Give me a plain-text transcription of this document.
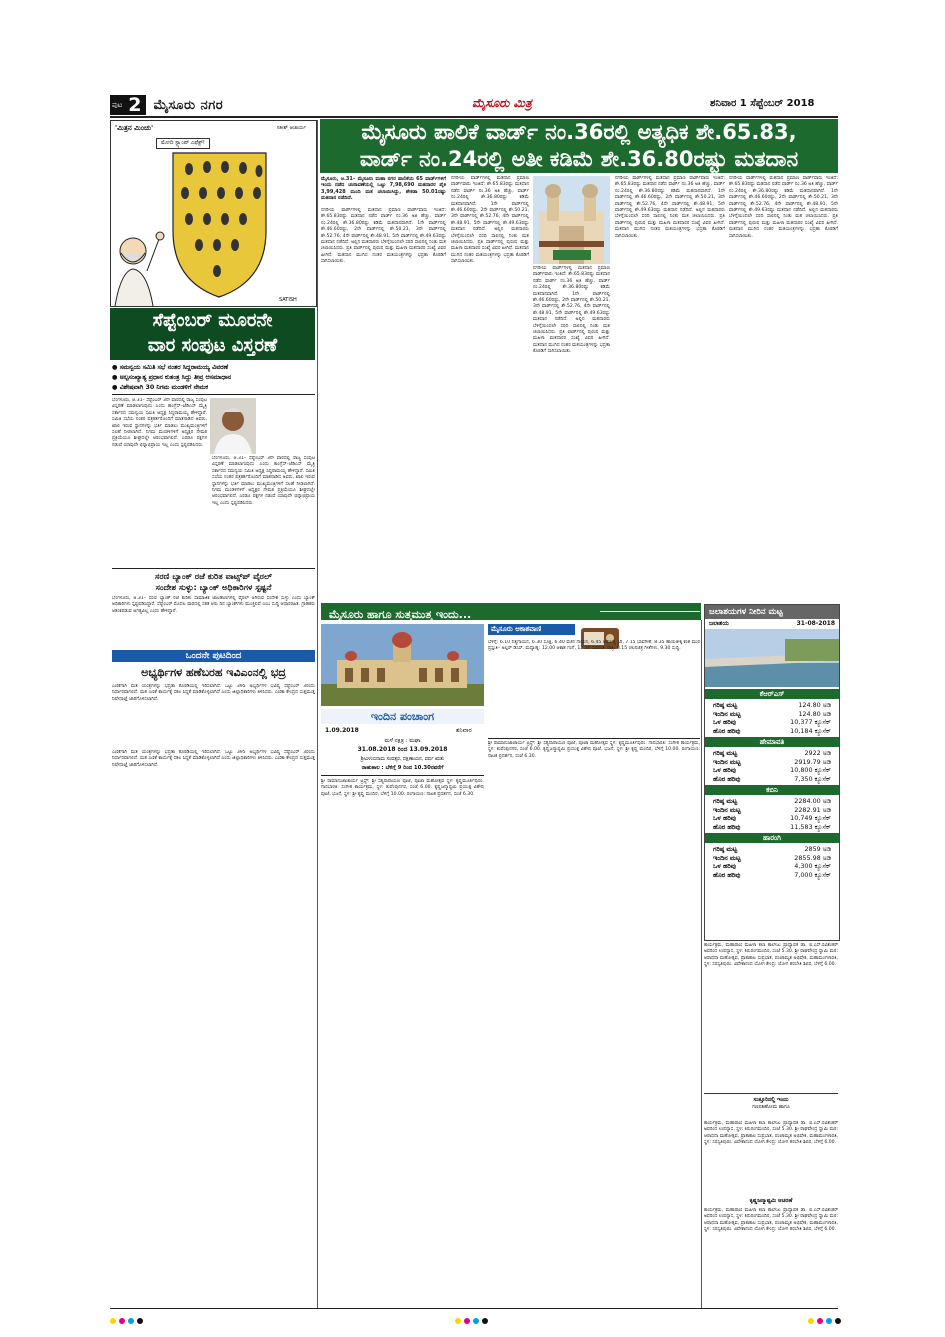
ಪುಟ 2 ಮೈಸೂರು ನಗರ	ಮೈಸೂರು ಮಿತ್ರ	ಶನಿವಾರ 1 ಸೆಪ್ಟೆಂಬರ್ 2018
'ಮಿತ್ರನ ಮಿಂಚು'	ಸತೀಶ್ ಆಚಾರ್ಯ
ಮೋದಿ ಸ್ಟ್ಯಾಂಪ್ ಎಫೆಕ್ಟ್!
SATISH
ಮೈಸೂರು ಪಾಲಿಕೆ ವಾರ್ಡ್ ನಂ.36ರಲ್ಲಿ ಅತ್ಯಧಿಕ ಶೇ.65.83,
ವಾರ್ಡ್ ನಂ.24ರಲ್ಲಿ ಅತೀ ಕಡಿಮೆ ಶೇ.36.80ರಷ್ಟು ಮತದಾನ
ಮೈಸೂರು, ಆ.31– ಮೈಸೂರು ಮಹಾ ನಗರ ಪಾಲಿಕೆಯ 65 ವಾರ್ಡ್‌ಗಳಿಗೆ ಇಂದು ನಡೆದ ಚುನಾವಣೆಯಲ್ಲಿ ಒಟ್ಟು 7,98,690 ಮತದಾರರ ಪೈಕಿ 3,99,428 ಮಂದಿ ಮತ ಚಲಾಯಿಸಿದ್ದು, ಶೇಕಡಾ 50.01ರಷ್ಟು ಮತದಾನ ನಡೆದಿದೆ.
ನಗರೀಯ ವಾರ್ಡ್‌ಗಳಲ್ಲಿ ಮತದಾನ ಪ್ರಮಾಣ ವಾರ್ಡ್‌ವಾರು ಇಂತಿದೆ: ಶೇ.65.83ರಷ್ಟು ಮತದಾನ ನಡೆದ ವಾರ್ಡ್ ನಂ.36 ಅತಿ ಹೆಚ್ಚು, ವಾರ್ಡ್ ನಂ.24ರಲ್ಲಿ ಶೇ.36.80ರಷ್ಟು ಕಡಿಮೆ ಮತದಾನವಾಗಿದೆ. 1ನೇ ವಾರ್ಡ್‌ನಲ್ಲಿ ಶೇ.46.60ರಷ್ಟು, 2ನೇ ವಾರ್ಡ್‌ನಲ್ಲಿ ಶೇ.50.21, 3ನೇ ವಾರ್ಡ್‌ನಲ್ಲಿ ಶೇ.52.76, 4ನೇ ವಾರ್ಡ್‌ನಲ್ಲಿ ಶೇ.48.91, 5ನೇ ವಾರ್ಡ್‌ನಲ್ಲಿ ಶೇ.49.63ರಷ್ಟು ಮತದಾನ ನಡೆದಿದೆ. ಅಲ್ಲಿನ ಮತದಾರರು ಬೆಳಿಗ್ಗೆಯಿಂದಲೇ ಸರದಿ ಸಾಲಿನಲ್ಲಿ ನಿಂತು ಮತ ಚಲಾಯಿಸಿದರು. ಪ್ರತಿ ವಾರ್ಡ್‌ನಲ್ಲಿ ಪುರುಷ ಮತ್ತು ಮಹಿಳಾ ಮತದಾರರ ಸಂಖ್ಯೆ ವಿವರ ಹೀಗಿದೆ. ಮತದಾನ ಮುಗಿದ ನಂತರ ಮತಯಂತ್ರಗಳನ್ನು ಭದ್ರತಾ ಕೊಠಡಿಗೆ ಸಾಗಿಸಲಾಯಿತು.
ನಗರೀಯ ವಾರ್ಡ್‌ಗಳಲ್ಲಿ ಮತದಾನ ಪ್ರಮಾಣ ವಾರ್ಡ್‌ವಾರು ಇಂತಿದೆ: ಶೇ.65.83ರಷ್ಟು ಮತದಾನ ನಡೆದ ವಾರ್ಡ್ ನಂ.36 ಅತಿ ಹೆಚ್ಚು, ವಾರ್ಡ್ ನಂ.24ರಲ್ಲಿ ಶೇ.36.80ರಷ್ಟು ಕಡಿಮೆ ಮತದಾನವಾಗಿದೆ. 1ನೇ ವಾರ್ಡ್‌ನಲ್ಲಿ ಶೇ.46.60ರಷ್ಟು, 2ನೇ ವಾರ್ಡ್‌ನಲ್ಲಿ ಶೇ.50.21, 3ನೇ ವಾರ್ಡ್‌ನಲ್ಲಿ ಶೇ.52.76, 4ನೇ ವಾರ್ಡ್‌ನಲ್ಲಿ ಶೇ.48.91, 5ನೇ ವಾರ್ಡ್‌ನಲ್ಲಿ ಶೇ.49.63ರಷ್ಟು ಮತದಾನ ನಡೆದಿದೆ. ಅಲ್ಲಿನ ಮತದಾರರು ಬೆಳಿಗ್ಗೆಯಿಂದಲೇ ಸರದಿ ಸಾಲಿನಲ್ಲಿ ನಿಂತು ಮತ ಚಲಾಯಿಸಿದರು. ಪ್ರತಿ ವಾರ್ಡ್‌ನಲ್ಲಿ ಪುರುಷ ಮತ್ತು ಮಹಿಳಾ ಮತದಾರರ ಸಂಖ್ಯೆ ವಿವರ ಹೀಗಿದೆ. ಮತದಾನ ಮುಗಿದ ನಂತರ ಮತಯಂತ್ರಗಳನ್ನು ಭದ್ರತಾ ಕೊಠಡಿಗೆ ಸಾಗಿಸಲಾಯಿತು.
ನಗರೀಯ ವಾರ್ಡ್‌ಗಳಲ್ಲಿ ಮತದಾನ ಪ್ರಮಾಣ ವಾರ್ಡ್‌ವಾರು ಇಂತಿದೆ: ಶೇ.65.83ರಷ್ಟು ಮತದಾನ ನಡೆದ ವಾರ್ಡ್ ನಂ.36 ಅತಿ ಹೆಚ್ಚು, ವಾರ್ಡ್ ನಂ.24ರಲ್ಲಿ ಶೇ.36.80ರಷ್ಟು ಕಡಿಮೆ ಮತದಾನವಾಗಿದೆ. 1ನೇ ವಾರ್ಡ್‌ನಲ್ಲಿ ಶೇ.46.60ರಷ್ಟು, 2ನೇ ವಾರ್ಡ್‌ನಲ್ಲಿ ಶೇ.50.21, 3ನೇ ವಾರ್ಡ್‌ನಲ್ಲಿ ಶೇ.52.76, 4ನೇ ವಾರ್ಡ್‌ನಲ್ಲಿ ಶೇ.48.91, 5ನೇ ವಾರ್ಡ್‌ನಲ್ಲಿ ಶೇ.49.63ರಷ್ಟು ಮತದಾನ ನಡೆದಿದೆ. ಅಲ್ಲಿನ ಮತದಾರರು ಬೆಳಿಗ್ಗೆಯಿಂದಲೇ ಸರದಿ ಸಾಲಿನಲ್ಲಿ ನಿಂತು ಮತ ಚಲಾಯಿಸಿದರು. ಪ್ರತಿ ವಾರ್ಡ್‌ನಲ್ಲಿ ಪುರುಷ ಮತ್ತು ಮಹಿಳಾ ಮತದಾರರ ಸಂಖ್ಯೆ ವಿವರ ಹೀಗಿದೆ. ಮತದಾನ ಮುಗಿದ ನಂತರ ಮತಯಂತ್ರಗಳನ್ನು ಭದ್ರತಾ ಕೊಠಡಿಗೆ ಸಾಗಿಸಲಾಯಿತು.
ನಗರೀಯ ವಾರ್ಡ್‌ಗಳಲ್ಲಿ ಮತದಾನ ಪ್ರಮಾಣ ವಾರ್ಡ್‌ವಾರು ಇಂತಿದೆ: ಶೇ.65.83ರಷ್ಟು ಮತದಾನ ನಡೆದ ವಾರ್ಡ್ ನಂ.36 ಅತಿ ಹೆಚ್ಚು, ವಾರ್ಡ್ ನಂ.24ರಲ್ಲಿ ಶೇ.36.80ರಷ್ಟು ಕಡಿಮೆ ಮತದಾನವಾಗಿದೆ. 1ನೇ ವಾರ್ಡ್‌ನಲ್ಲಿ ಶೇ.46.60ರಷ್ಟು, 2ನೇ ವಾರ್ಡ್‌ನಲ್ಲಿ ಶೇ.50.21, 3ನೇ ವಾರ್ಡ್‌ನಲ್ಲಿ ಶೇ.52.76, 4ನೇ ವಾರ್ಡ್‌ನಲ್ಲಿ ಶೇ.48.91, 5ನೇ ವಾರ್ಡ್‌ನಲ್ಲಿ ಶೇ.49.63ರಷ್ಟು ಮತದಾನ ನಡೆದಿದೆ. ಅಲ್ಲಿನ ಮತದಾರರು ಬೆಳಿಗ್ಗೆಯಿಂದಲೇ ಸರದಿ ಸಾಲಿನಲ್ಲಿ ನಿಂತು ಮತ ಚಲಾಯಿಸಿದರು. ಪ್ರತಿ ವಾರ್ಡ್‌ನಲ್ಲಿ ಪುರುಷ ಮತ್ತು ಮಹಿಳಾ ಮತದಾರರ ಸಂಖ್ಯೆ ವಿವರ ಹೀಗಿದೆ. ಮತದಾನ ಮುಗಿದ ನಂತರ ಮತಯಂತ್ರಗಳನ್ನು ಭದ್ರತಾ ಕೊಠಡಿಗೆ ಸಾಗಿಸಲಾಯಿತು.
ನಗರೀಯ ವಾರ್ಡ್‌ಗಳಲ್ಲಿ ಮತದಾನ ಪ್ರಮಾಣ ವಾರ್ಡ್‌ವಾರು ಇಂತಿದೆ: ಶೇ.65.83ರಷ್ಟು ಮತದಾನ ನಡೆದ ವಾರ್ಡ್ ನಂ.36 ಅತಿ ಹೆಚ್ಚು, ವಾರ್ಡ್ ನಂ.24ರಲ್ಲಿ ಶೇ.36.80ರಷ್ಟು ಕಡಿಮೆ ಮತದಾನವಾಗಿದೆ. 1ನೇ ವಾರ್ಡ್‌ನಲ್ಲಿ ಶೇ.46.60ರಷ್ಟು, 2ನೇ ವಾರ್ಡ್‌ನಲ್ಲಿ ಶೇ.50.21, 3ನೇ ವಾರ್ಡ್‌ನಲ್ಲಿ ಶೇ.52.76, 4ನೇ ವಾರ್ಡ್‌ನಲ್ಲಿ ಶೇ.48.91, 5ನೇ ವಾರ್ಡ್‌ನಲ್ಲಿ ಶೇ.49.63ರಷ್ಟು ಮತದಾನ ನಡೆದಿದೆ. ಅಲ್ಲಿನ ಮತದಾರರು ಬೆಳಿಗ್ಗೆಯಿಂದಲೇ ಸರದಿ ಸಾಲಿನಲ್ಲಿ ನಿಂತು ಮತ ಚಲಾಯಿಸಿದರು. ಪ್ರತಿ ವಾರ್ಡ್‌ನಲ್ಲಿ ಪುರುಷ ಮತ್ತು ಮಹಿಳಾ ಮತದಾರರ ಸಂಖ್ಯೆ ವಿವರ ಹೀಗಿದೆ. ಮತದಾನ ಮುಗಿದ ನಂತರ ಮತಯಂತ್ರಗಳನ್ನು ಭದ್ರತಾ ಕೊಠಡಿಗೆ ಸಾಗಿಸಲಾಯಿತು.
ಸೆಪ್ಟೆಂಬರ್ ಮೂರನೇ
ವಾರ ಸಂಪುಟ ವಿಸ್ತರಣೆ
● ಸಮನ್ವಯ ಸಮಿತಿ ಸಭೆ ನಂತರ ಸಿದ್ದರಾಮಯ್ಯ ವಿವರಣೆ
● ಅಲ್ಪಸಂಖ್ಯಾತ್ಯ ಪ್ರಧಾನ ಕುತಂತ್ರ ಸಿದ್ದು ತೀವ್ರ ಆಸಮಾಧಾನ
● ವಿಶೇಷವಾಗಿ 30 ನಿಗಮ ಮಂಡಳಿಗೆ ನೇಮಕ
ಬೆಂಗಳೂರು, ಆ.31– ಸೆಪ್ಟೆಂಬರ್ 3ನೇ ವಾರದಲ್ಲಿ ರಾಜ್ಯ ಸಂಪುಟ ವಿಸ್ತರಣೆ ಮಾಡಲಾಗುವುದು ಎಂದು ಕಾಂಗ್ರೆಸ್–ಜೆಡಿಎಸ್ ಮೈತ್ರಿ ಸರ್ಕಾರದ ಸಮನ್ವಯ ಸಮಿತಿ ಅಧ್ಯಕ್ಷ ಸಿದ್ದರಾಮಯ್ಯ ಹೇಳಿದ್ದಾರೆ. ಸಮಿತಿ ಸಭೆಯ ನಂತರ ಪತ್ರಕರ್ತರೊಂದಿಗೆ ಮಾತನಾಡಿದ ಅವರು, ಖಾಲಿ ಇರುವ ಸ್ಥಾನಗಳನ್ನು ಭರ್ತಿ ಮಾಡಲು ಮುಖ್ಯಮಂತ್ರಿಗಳಿಗೆ ಸಲಹೆ ನೀಡಲಾಗಿದೆ. ನಿಗಮ ಮಂಡಳಿಗಳಿಗೆ ಅಧ್ಯಕ್ಷರ ನೇಮಕ ಪ್ರಕ್ರಿಯೆಯೂ ಶೀಘ್ರದಲ್ಲೇ ಆರಂಭವಾಗಲಿದೆ. ಎರಡೂ ಪಕ್ಷಗಳ ನಡುವೆ ಯಾವುದೇ ಭಿನ್ನಾಭಿಪ್ರಾಯ ಇಲ್ಲ ಎಂದು ಸ್ಪಷ್ಟಪಡಿಸಿದರು.
ಬೆಂಗಳೂರು, ಆ.31– ಸೆಪ್ಟೆಂಬರ್ 3ನೇ ವಾರದಲ್ಲಿ ರಾಜ್ಯ ಸಂಪುಟ ವಿಸ್ತರಣೆ ಮಾಡಲಾಗುವುದು ಎಂದು ಕಾಂಗ್ರೆಸ್–ಜೆಡಿಎಸ್ ಮೈತ್ರಿ ಸರ್ಕಾರದ ಸಮನ್ವಯ ಸಮಿತಿ ಅಧ್ಯಕ್ಷ ಸಿದ್ದರಾಮಯ್ಯ ಹೇಳಿದ್ದಾರೆ. ಸಮಿತಿ ಸಭೆಯ ನಂತರ ಪತ್ರಕರ್ತರೊಂದಿಗೆ ಮಾತನಾಡಿದ ಅವರು, ಖಾಲಿ ಇರುವ ಸ್ಥಾನಗಳನ್ನು ಭರ್ತಿ ಮಾಡಲು ಮುಖ್ಯಮಂತ್ರಿಗಳಿಗೆ ಸಲಹೆ ನೀಡಲಾಗಿದೆ. ನಿಗಮ ಮಂಡಳಿಗಳಿಗೆ ಅಧ್ಯಕ್ಷರ ನೇಮಕ ಪ್ರಕ್ರಿಯೆಯೂ ಶೀಘ್ರದಲ್ಲೇ ಆರಂಭವಾಗಲಿದೆ. ಎರಡೂ ಪಕ್ಷಗಳ ನಡುವೆ ಯಾವುದೇ ಭಿನ್ನಾಭಿಪ್ರಾಯ ಇಲ್ಲ ಎಂದು ಸ್ಪಷ್ಟಪಡಿಸಿದರು.
ಸರಣಿ ಬ್ಯಾಂಕ್ ರಜೆ ಕುರಿತ ವಾಟ್ಸ್‌ಪ್ ವೈರಲ್
ಸಂದೇಶ ಸುಳ್ಳು: ಬ್ಯಾಂಕ್ ಅಧಿಕಾರಿಗಳ ಸ್ಪಷ್ಟನೆ
ಬೆಂಗಳೂರು, ಆ.31– ಸರಣಿ ಬ್ಯಾಂಕ್ ರಜೆ ಕುರಿತು ಸಾಮಾಜಿಕ ಜಾಲತಾಣಗಳಲ್ಲಿ ವೈರಲ್ ಆಗಿರುವ ಸಂದೇಶ ಸುಳ್ಳು ಎಂದು ಬ್ಯಾಂಕ್ ಅಧಿಕಾರಿಗಳು ಸ್ಪಷ್ಟಪಡಿಸಿದ್ದಾರೆ. ಸೆಪ್ಟೆಂಬರ್ ಮೊದಲ ವಾರದಲ್ಲಿ ಸತತ ಆರು ದಿನ ಬ್ಯಾಂಕ್‌ಗಳು ಮುಚ್ಚಲಿವೆ ಎಂಬ ಸುದ್ದಿ ಆಧಾರರಹಿತ. ಗ್ರಾಹಕರು ಆತಂಕಪಡುವ ಅಗತ್ಯವಿಲ್ಲ ಎಂದು ಹೇಳಿದ್ದಾರೆ.
ಒಂದನೇ ಪುಟದಿಂದ
ಅಭ್ಯರ್ಥಿಗಳ ಹಣೆಬರಹ ಇವಿಎಂನಲ್ಲಿ ಭದ್ರ
ಎಣಿಕೆಗಾಗಿ ಮತ ಯಂತ್ರಗಳನ್ನು ಭದ್ರತಾ ಕೊಠಡಿಯಲ್ಲಿ ಇರಿಸಲಾಗಿದೆ. ಒಟ್ಟು 395 ಅಭ್ಯರ್ಥಿಗಳ ಭವಿಷ್ಯ ಸೆಪ್ಟೆಂಬರ್ 3ರಂದು ನಿರ್ಧಾರವಾಗಲಿದೆ. ಮತ ಎಣಿಕೆ ಕಾರ್ಯಕ್ಕೆ ಸಕಲ ಸಿದ್ಧತೆ ಮಾಡಿಕೊಳ್ಳಲಾಗಿದೆ ಎಂದು ಜಿಲ್ಲಾಧಿಕಾರಿಗಳು ತಿಳಿಸಿದರು. ಎಣಿಕಾ ಕೇಂದ್ರದ ಸುತ್ತಮುತ್ತ ನಿಷೇಧಾಜ್ಞೆ ಜಾರಿಗೊಳಿಸಲಾಗಿದೆ.
ಎಣಿಕೆಗಾಗಿ ಮತ ಯಂತ್ರಗಳನ್ನು ಭದ್ರತಾ ಕೊಠಡಿಯಲ್ಲಿ ಇರಿಸಲಾಗಿದೆ. ಒಟ್ಟು 395 ಅಭ್ಯರ್ಥಿಗಳ ಭವಿಷ್ಯ ಸೆಪ್ಟೆಂಬರ್ 3ರಂದು ನಿರ್ಧಾರವಾಗಲಿದೆ. ಮತ ಎಣಿಕೆ ಕಾರ್ಯಕ್ಕೆ ಸಕಲ ಸಿದ್ಧತೆ ಮಾಡಿಕೊಳ್ಳಲಾಗಿದೆ ಎಂದು ಜಿಲ್ಲಾಧಿಕಾರಿಗಳು ತಿಳಿಸಿದರು. ಎಣಿಕಾ ಕೇಂದ್ರದ ಸುತ್ತಮುತ್ತ ನಿಷೇಧಾಜ್ಞೆ ಜಾರಿಗೊಳಿಸಲಾಗಿದೆ.
ಮೈಸೂರು ಹಾಗೂ ಸುತ್ತಮುತ್ತ ಇಂದು...
ಇಂದಿನ ಪಂಚಾಂಗ
1.09.2018	ಶನಿವಾರ
ಮಳೆ ನಕ್ಷತ್ರ : ಮಘಾ
31.08.2018 ರಿಂದ 13.09.2018
ಶ್ರೀವಿಳಂಬಿನಾಮ ಸಂವತ್ಸರ, ದಕ್ಷಿಣಾಯನ, ವರ್ಷ ಋತು
ರಾಹುಕಾಲ : ಬೆಳಿಗ್ಗೆ 9 ರಿಂದ 10.30ರವರೆಗೆ
ಶ್ರೀ ರಾಮಾನುಜಾಚಾರ್ಯ ಟ್ರಸ್ಟ್: ಶ್ರೀ ಸತ್ಯನಾರಾಯಣ ಪೂಜೆ, ಪೂಜಾ ಮಹೋತ್ಸವ ಸ್ಥಳ: ಕೃಷ್ಣಮೂರ್ತಿಪುರಂ. ಗಾನಭಾರತಿ: ಸಂಗೀತ ಕಾರ್ಯಕ್ರಮ, ಸ್ಥಳ: ಕುವೆಂಪುನಗರ, ಸಂಜೆ 6.00. ಕೃಷ್ಣಜನ್ಮಾಷ್ಟಮಿ ಪ್ರಯುಕ್ತ ವಿಶೇಷ ಪೂಜೆ, ಭಜನೆ, ಸ್ಥಳ: ಶ್ರೀ ಕೃಷ್ಣ ಮಂದಿರ, ಬೆಳಿಗ್ಗೆ 10.00. ರಂಗಾಯಣ: ನಾಟಕ ಪ್ರದರ್ಶನ, ಸಂಜೆ 6.30.
ಮೈಸೂರು ಆಕಾಶವಾಣಿ
ಬೆಳಿಗ್ಗೆ: 6.10 ನಿತ್ಯಗಾಯನ, 6.30 ಸೂಕ್ತಿ, 6.40 ವಚನ ಗಾಯನ, 6.45 ಆರೋಗ್ಯ ಸಿರಿ, 7.15 ಭಾವಗೀತೆ, 8.35 ಹಾಯಿತೀಕ್ಕ ಕಂತ ಮುರ ಪ್ರಸ್ತುತಿ– ಅಲ್ಪರ್ ಡಿಸಿಸ್. ಮಧ್ಯಾಹ್ನ: 12.00 ಆಕಾಶ ಗಂಗೆ, 12.30 ಸವಿನುಡಿ. ರಾತ್ರಿ: 8.15 ಚಲನಚಿತ್ರ ಗೀತೆಗಳು, 9.30 ಸುದ್ದಿ.
ಶ್ರೀ ರಾಮಾನುಜಾಚಾರ್ಯ ಟ್ರಸ್ಟ್: ಶ್ರೀ ಸತ್ಯನಾರಾಯಣ ಪೂಜೆ, ಪೂಜಾ ಮಹೋತ್ಸವ ಸ್ಥಳ: ಕೃಷ್ಣಮೂರ್ತಿಪುರಂ. ಗಾನಭಾರತಿ: ಸಂಗೀತ ಕಾರ್ಯಕ್ರಮ, ಸ್ಥಳ: ಕುವೆಂಪುನಗರ, ಸಂಜೆ 6.00. ಕೃಷ್ಣಜನ್ಮಾಷ್ಟಮಿ ಪ್ರಯುಕ್ತ ವಿಶೇಷ ಪೂಜೆ, ಭಜನೆ, ಸ್ಥಳ: ಶ್ರೀ ಕೃಷ್ಣ ಮಂದಿರ, ಬೆಳಿಗ್ಗೆ 10.00. ರಂಗಾಯಣ: ನಾಟಕ ಪ್ರದರ್ಶನ, ಸಂಜೆ 6.30.
ಜಲಾಶಯಗಳ ನೀರಿನ ಮಟ್ಟ
ಜಲಾಶಯ	31-08-2018
ಕೆಆರ್‌ಎಸ್
ಗರಿಷ್ಠ ಮಟ್ಟ	124.80 ಅಡಿ
ಇಂದಿನ ಮಟ್ಟ	124.80 ಅಡಿ
ಒಳ ಹರಿವು	10,377 ಕ್ಯೂಸೆಕ್
ಹೊರ ಹರಿವು	10,184 ಕ್ಯೂಸೆಕ್
ಹೇಮಾವತಿ
ಗರಿಷ್ಠ ಮಟ್ಟ	2922 ಅಡಿ
ಇಂದಿನ ಮಟ್ಟ	2919.79 ಅಡಿ
ಒಳ ಹರಿವು	10,800 ಕ್ಯೂಸೆಕ್
ಹೊರ ಹರಿವು	7,350 ಕ್ಯೂಸೆಕ್
ಕಬಿನಿ
ಗರಿಷ್ಠ ಮಟ್ಟ	2284.00 ಅಡಿ
ಇಂದಿನ ಮಟ್ಟ	2282.91 ಅಡಿ
ಒಳ ಹರಿವು	10,749 ಕ್ಯೂಸೆಕ್
ಹೊರ ಹರಿವು	11,583 ಕ್ಯೂಸೆಕ್
ಹಾರಂಗಿ
ಗರಿಷ್ಠ ಮಟ್ಟ	2859 ಅಡಿ
ಇಂದಿನ ಮಟ್ಟ	2855.98 ಅಡಿ
ಒಳ ಹರಿವು	4,300 ಕ್ಯೂಸೆಕ್
ಹೊರ ಹರಿವು	7,000 ಕ್ಯೂಸೆಕ್
ಕಾರ್ಯಕ್ರಮ, ಮಹಾರಾಣಿ ಮಹಿಳಾ ಕಲಾ ಕಾಲೇಜು ಪ್ರಾಧ್ಯಾಪಕ ಡಾ. ಬಿ.ಎಸ್.ರವಿಶಂಕರ್ ಅವರಿಂದ ಉಪನ್ಯಾಸ, ಸ್ಥಳ: ಕಿರುರಂಗಮಂದಿರ, ಸಂಜೆ 5.30. ಶ್ರೀ ರಾಘವೇಂದ್ರ ಸ್ವಾಮಿ ಮಠ: ಆರಾಧನಾ ಮಹೋತ್ಸವ, ಪ್ರಾತಃಕಾಲ ಸುಪ್ರಭಾತ, ಪಂಚಾಮೃತ ಅಭಿಷೇಕ, ಮಹಾಮಂಗಳಾರತಿ, ಸ್ಥಳ: ಸರಸ್ವತಿಪುರಂ. ವಿವೇಕಾನಂದ ಯೋಗ ಕೇಂದ್ರ: ಯೋಗ ತರಬೇತಿ ಶಿಬಿರ, ಬೆಳಿಗ್ಗೆ 6.00.
ಸುತ್ತೂರಿನಲ್ಲಿ ಇಂದು
ಗಣಪತಿಹೋಮ ಹಾಗೂ
ಕಾರ್ಯಕ್ರಮ, ಮಹಾರಾಣಿ ಮಹಿಳಾ ಕಲಾ ಕಾಲೇಜು ಪ್ರಾಧ್ಯಾಪಕ ಡಾ. ಬಿ.ಎಸ್.ರವಿಶಂಕರ್ ಅವರಿಂದ ಉಪನ್ಯಾಸ, ಸ್ಥಳ: ಕಿರುರಂಗಮಂದಿರ, ಸಂಜೆ 5.30. ಶ್ರೀ ರಾಘವೇಂದ್ರ ಸ್ವಾಮಿ ಮಠ: ಆರಾಧನಾ ಮಹೋತ್ಸವ, ಪ್ರಾತಃಕಾಲ ಸುಪ್ರಭಾತ, ಪಂಚಾಮೃತ ಅಭಿಷೇಕ, ಮಹಾಮಂಗಳಾರತಿ, ಸ್ಥಳ: ಸರಸ್ವತಿಪುರಂ. ವಿವೇಕಾನಂದ ಯೋಗ ಕೇಂದ್ರ: ಯೋಗ ತರಬೇತಿ ಶಿಬಿರ, ಬೆಳಿಗ್ಗೆ 6.00.
ಕೃಷ್ಣಜನ್ಮಾಷ್ಟಮಿ ಆಚರಣೆ
ಕಾರ್ಯಕ್ರಮ, ಮಹಾರಾಣಿ ಮಹಿಳಾ ಕಲಾ ಕಾಲೇಜು ಪ್ರಾಧ್ಯಾಪಕ ಡಾ. ಬಿ.ಎಸ್.ರವಿಶಂಕರ್ ಅವರಿಂದ ಉಪನ್ಯಾಸ, ಸ್ಥಳ: ಕಿರುರಂಗಮಂದಿರ, ಸಂಜೆ 5.30. ಶ್ರೀ ರಾಘವೇಂದ್ರ ಸ್ವಾಮಿ ಮಠ: ಆರಾಧನಾ ಮಹೋತ್ಸವ, ಪ್ರಾತಃಕಾಲ ಸುಪ್ರಭಾತ, ಪಂಚಾಮೃತ ಅಭಿಷೇಕ, ಮಹಾಮಂಗಳಾರತಿ, ಸ್ಥಳ: ಸರಸ್ವತಿಪುರಂ. ವಿವೇಕಾನಂದ ಯೋಗ ಕೇಂದ್ರ: ಯೋಗ ತರಬೇತಿ ಶಿಬಿರ, ಬೆಳಿಗ್ಗೆ 6.00.
